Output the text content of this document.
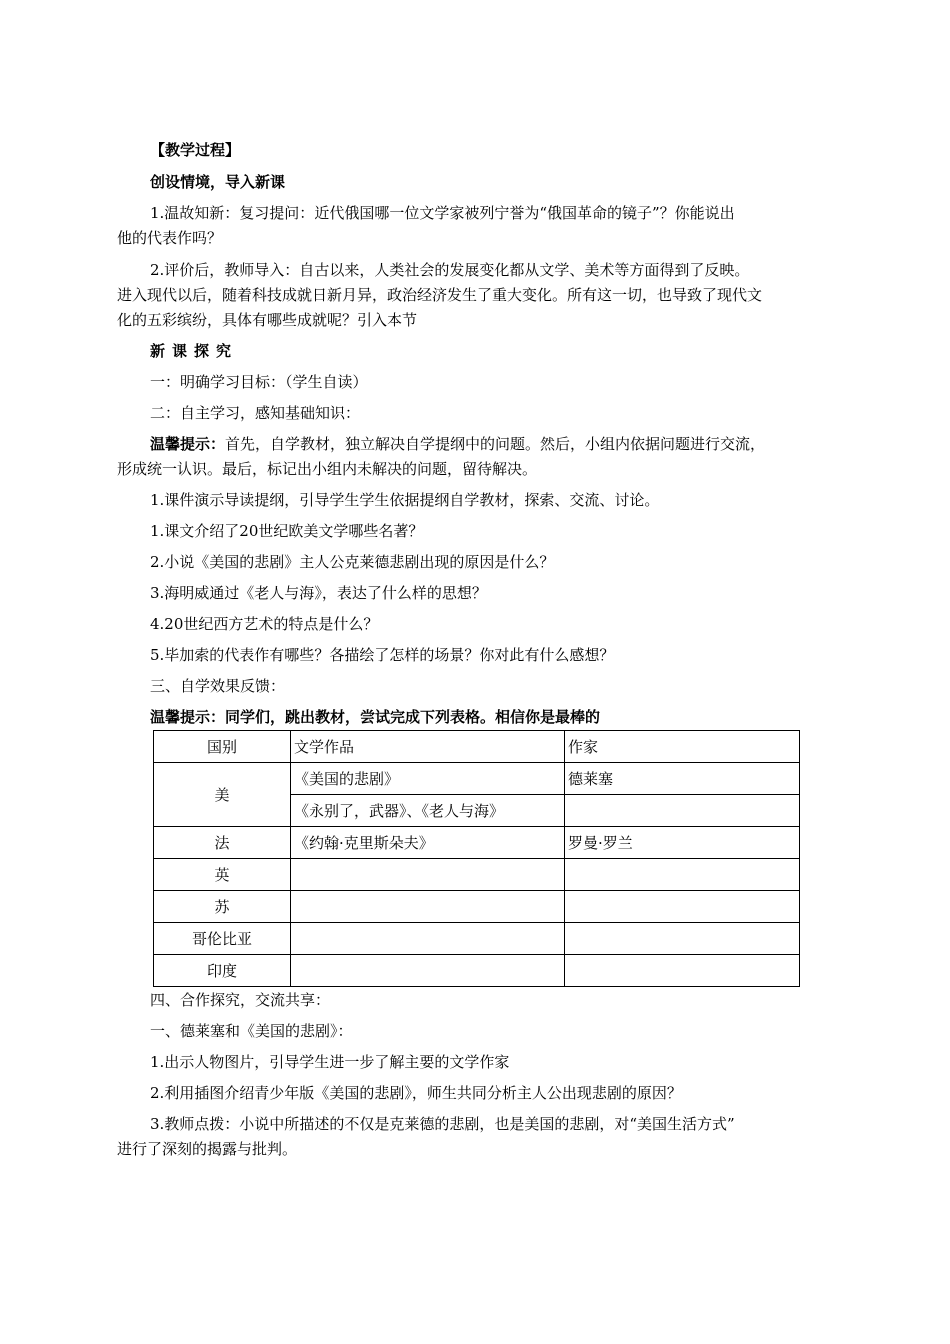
【教学过程】
创设情境，导入新课
1.温故知新：复习提问：近代俄国哪一位文学家被列宁誉为“俄国革命的镜子”？你能说出
他的代表作吗？
2.评价后，教师导入：自古以来，人类社会的发展变化都从文学、美术等方面得到了反映。
进入现代以后，随着科技成就日新月异，政治经济发生了重大变化。所有这一切，也导致了现代文
化的五彩缤纷，具体有哪些成就呢？引入本节
新课探究
一：明确学习目标：（学生自读）
二：自主学习，感知基础知识：
温馨提示：首先，自学教材，独立解决自学提纲中的问题。然后，小组内依据问题进行交流，
形成统一认识。最后，标记出小组内未解决的问题，留待解决。
1.课件演示导读提纲，引导学生学生依据提纲自学教材，探索、交流、讨论。
1.课文介绍了20世纪欧美文学哪些名著？
2.小说《美国的悲剧》主人公克莱德悲剧出现的原因是什么？
3.海明威通过《老人与海》，表达了什么样的思想？
4.20世纪西方艺术的特点是什么？
5.毕加索的代表作有哪些？各描绘了怎样的场景？你对此有什么感想？
三、自学效果反馈：
温馨提示：同学们，跳出教材，尝试完成下列表格。相信你是最棒的
国别	文学作品	作家
美	《美国的悲剧》	德莱塞
	《永别了，武器》、《老人与海》	
法	《约翰·克里斯朵夫》	罗曼·罗兰
英		
苏		
哥伦比亚		
印度		
四、合作探究，交流共享：
一、德莱塞和《美国的悲剧》：
1.出示人物图片，引导学生进一步了解主要的文学作家
2.利用插图介绍青少年版《美国的悲剧》，师生共同分析主人公出现悲剧的原因？
3.教师点拨：小说中所描述的不仅是克莱德的悲剧，也是美国的悲剧，对“美国生活方式”
进行了深刻的揭露与批判。
